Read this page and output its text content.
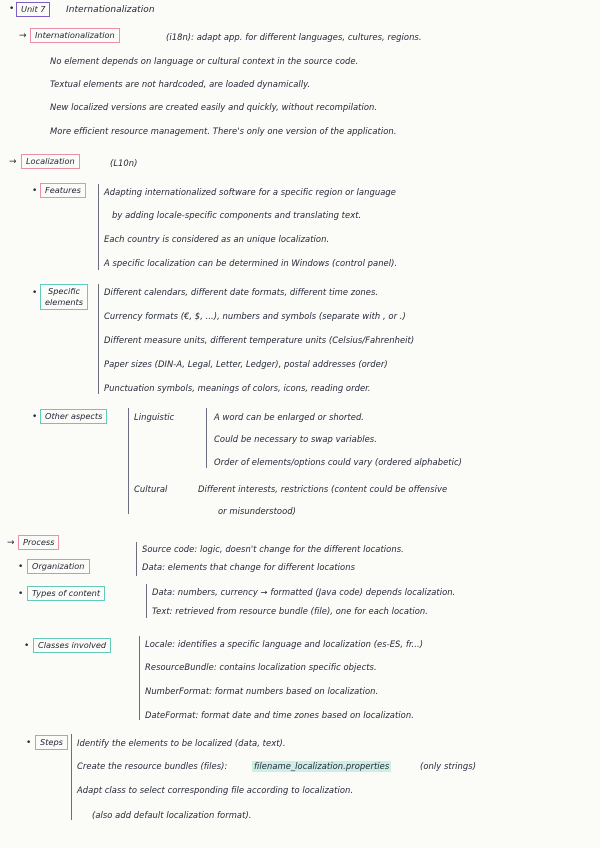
• Unit 7	Internationalization
→	Internationalization	(i18n): adapt app. for different languages, cultures, regions.
No element depends on language or cultural context in the source code.
Textual elements are not hardcoded, are loaded dynamically.
New localized versions are created easily and quickly, without recompilation.
More efficient resource management. There's only one version of the application.
→	Localization	(L10n)
• Features	Adapting internationalized software for a specific region or language
by adding locale-specific components and translating text.
Each country is considered as an unique localization.
A specific localization can be determined in Windows (control panel).
•	Specific
elements
Different calendars, different date formats, different time zones.
Currency formats (€, $, ...), numbers and symbols (separate with , or .)
Different measure units, different temperature units (Celsius/Fahrenheit)
Paper sizes (DIN-A, Legal, Letter, Ledger), postal addresses (order)
Punctuation symbols, meanings of colors, icons, reading order.
• Other aspects	Linguistic	A word can be enlarged or shorted.
Could be necessary to swap variables.
Order of elements/options could vary (ordered alphabetic)
Cultural	Different interests, restrictions (content could be offensive
or misunderstood)
→	Process
•	Organization
Source code: logic, doesn't change for the different locations.
Data: elements that change for different locations
•	Types of content	Data: numbers, currency → formatted (Java code) depends localization.
Text: retrieved from resource bundle (file), one for each location.
•	Classes involved	Locale: identifies a specific language and localization (es-ES, fr...)
ResourceBundle: contains localization specific objects.
NumberFormat: format numbers based on localization.
DateFormat: format date and time zones based on localization.
•	Steps	Identify the elements to be localized (data, text).
Create the resource bundles (files):	filename_localization.properties	(only strings)
Adapt class to select corresponding file according to localization.
(also add default localization format).
